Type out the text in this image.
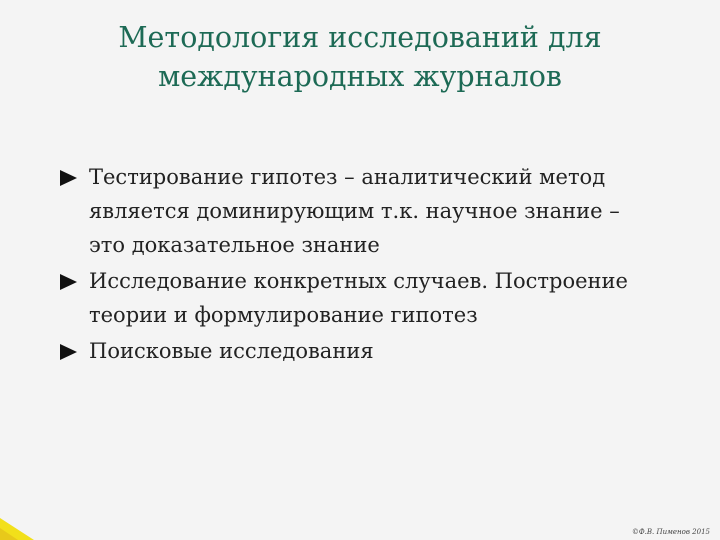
Методология исследований для
международных журналов
Тестирование гипотез – аналитический метод
является доминирующим т.к. научное знание –
это доказательное знание
Исследование конкретных случаев. Построение
теории и формулирование гипотез
Поисковые исследования
©Ф.В. Пименов 2015
